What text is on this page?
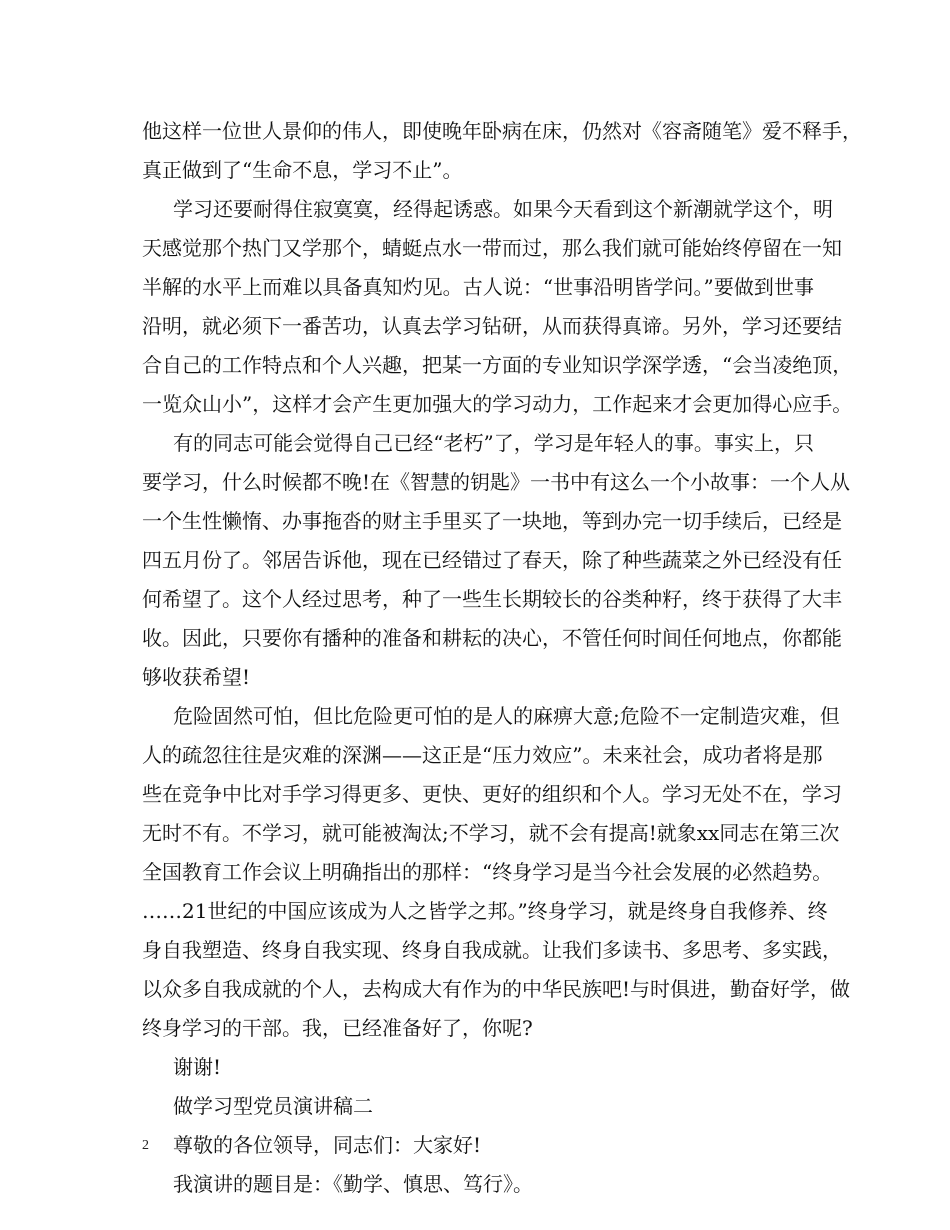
他这样一位世人景仰的伟人，即使晚年卧病在床，仍然对《容斋随笔》爱不释手，
真正做到了“生命不息，学习不止”。
学习还要耐得住寂寞寞，经得起诱惑。如果今天看到这个新潮就学这个，明
天感觉那个热门又学那个，蜻蜓点水一带而过，那么我们就可能始终停留在一知
半解的水平上而难以具备真知灼见。古人说：“世事沿明皆学问。”要做到世事
沿明，就必须下一番苦功，认真去学习钻研，从而获得真谛。另外，学习还要结
合自己的工作特点和个人兴趣，把某一方面的专业知识学深学透，“会当凌绝顶，
一览众山小”，这样才会产生更加强大的学习动力，工作起来才会更加得心应手。
有的同志可能会觉得自己已经“老朽”了，学习是年轻人的事。事实上，只
要学习，什么时候都不晚!在《智慧的钥匙》一书中有这么一个小故事：一个人从
一个生性懒惰、办事拖沓的财主手里买了一块地，等到办完一切手续后，已经是
四五月份了。邻居告诉他，现在已经错过了春天，除了种些蔬菜之外已经没有任
何希望了。这个人经过思考，种了一些生长期较长的谷类种籽，终于获得了大丰
收。因此，只要你有播种的准备和耕耘的决心，不管任何时间任何地点，你都能
够收获希望!
危险固然可怕，但比危险更可怕的是人的麻痹大意;危险不一定制造灾难，但
人的疏忽往往是灾难的深渊——这正是“压力效应”。未来社会，成功者将是那
些在竞争中比对手学习得更多、更快、更好的组织和个人。学习无处不在，学习
无时不有。不学习，就可能被淘汰;不学习，就不会有提高!就象xx同志在第三次
全国教育工作会议上明确指出的那样：“终身学习是当今社会发展的必然趋势。
……21世纪的中国应该成为人之皆学之邦。”终身学习，就是终身自我修养、终
身自我塑造、终身自我实现、终身自我成就。让我们多读书、多思考、多实践，
以众多自我成就的个人，去构成大有作为的中华民族吧!与时俱进，勤奋好学，做
终身学习的干部。我，已经准备好了，你呢?
谢谢!
做学习型党员演讲稿二
尊敬的各位领导，同志们：大家好!
我演讲的题目是：《勤学、慎思、笃行》。
2
